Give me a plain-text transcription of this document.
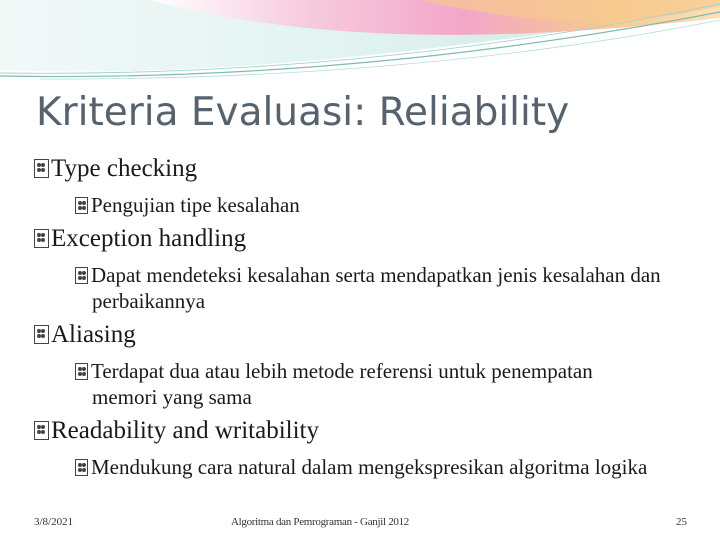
Kriteria Evaluasi: Reliability
Type checking
Pengujian tipe kesalahan
Exception handling
Dapat mendeteksi kesalahan serta mendapatkan jenis kesalahan dan perbaikannya
Aliasing
Terdapat dua atau lebih metode referensi untuk penempatan memori yang sama
Readability and writability
Mendukung cara natural dalam mengekspresikan algoritma logika
3/8/2021	Algoritma dan Pemrograman - Ganjil 2012	25
